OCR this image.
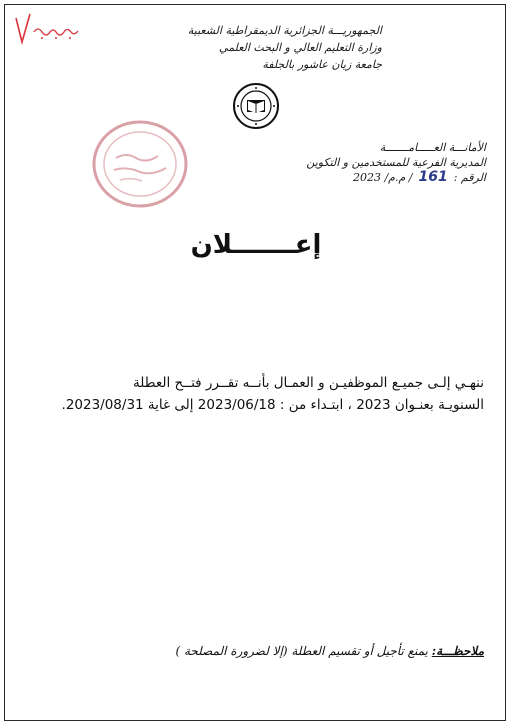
الجمهوريـــة الجزائرية الديمقراطية الشعبية
وزارة التعليم العالي و البحث العلمي
جامعة زيان عاشور بالجلفة
الأمانـــة العـــــامـــــــة
المديرية الفرعية للمستخدمين و التكوين
الرقم :
161
/ م.م/ 2023
إعـــــــلان
ننهـي إلـى جميـع الموظفيـن و العمـال بأنــه تقــرر فتــح العطلة
السنويـة بعنـوان 2023 ، ابتـداء من : 2023/06/18 إلى غاية 2023/08/31.
ملاحظـــة: يمنع تأجيل أو تقسيم العطلة (إلا لضرورة المصلحة )
